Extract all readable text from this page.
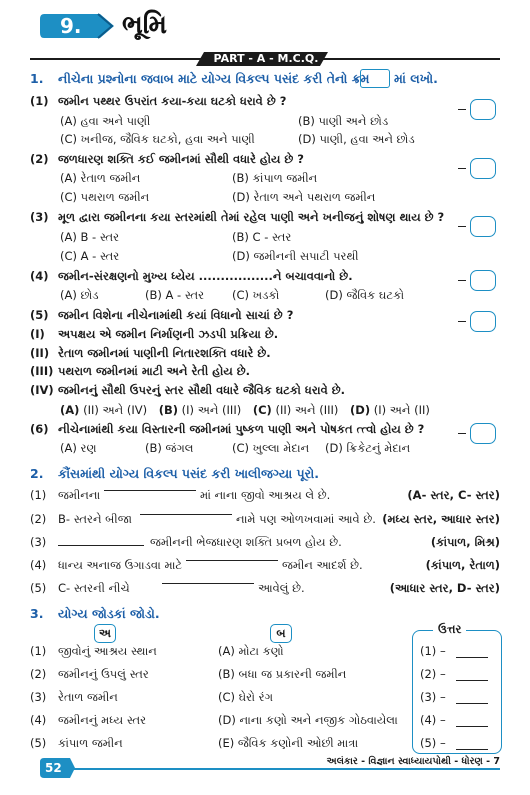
9. ભૂમિ
PART - A - M.C.Q.
1. નીચેના પ્રશ્નોના જવાબ માટે યોગ્ય વિકલ્પ પસંદ કરી તેનો ક્રમ માં લખો.
(1) જમીન પથ્થર ઉપરાંત કયા-કયા ઘટકો ધરાવે છે ?
(A) હવા અને પાણી	(B) પાણી અને છોડ
(C) ખનીજ, જૈવિક ઘટકો, હવા અને પાણી	(D) પાણી, હવા અને છોડ
(2) જળધારણ શક્તિ કઈ જમીનમાં સૌથી વધારે હોય છે ?
(A) રેતાળ જમીન	(B) કાંપાળ જમીન
(C) પથરાળ જમીન	(D) રેતાળ અને પથરાળ જમીન
(3) મૂળ દ્વારા જમીનના કયા સ્તરમાંથી તેમાં રહેલ પાણી અને ખનીજનું શોષણ થાય છે ?
(A) B - સ્તર	(B) C - સ્તર
(C) A - સ્તર	(D) જમીનની સપાટી પરથી
(4) જમીન-સંરક્ષણનો મુખ્ય ધ્યેય .................ને બચાવવાનો છે.
(A) છોડ	(B) A - સ્તર (C) ખડકો	(D) જૈવિક ઘટકો
(5) જમીન વિશેના નીચેનામાંથી કયાં વિધાનો સાચાં છે ?
(I) અપક્ષય એ જમીન નિર્માણની ઝડપી પ્રક્રિયા છે.
(II) રેતાળ જમીનમાં પાણીની નિતારશક્તિ વધારે છે.
(III) પથરાળ જમીનમાં માટી અને રેતી હોય છે.
(IV) જમીનનું સૌથી ઉપરનું સ્તર સૌથી વધારે જૈવિક ઘટકો ધરાવે છે.
(A) (II) અને (IV) (B) (I) અને (III) (C) (II) અને (III) (D) (I) અને (II)
(6) નીચેનામાંથી કયા વિસ્તારની જમીનમાં પુષ્કળ પાણી અને પોષકત ત્ત્વો હોય છે ?
(A) રણ	(B) જંગલ	(C) ખુલ્લા મેદાન (D) ક્રિકેટનું મેદાન
2. કૌંસમાંથી યોગ્ય વિકલ્પ પસંદ કરી ખાલીજગ્યા પૂરો.
(1) જમીનના	માં નાના જીવો આશ્રય લે છે.	(A- સ્તર, C- સ્તર)
(2) B- સ્તરને બીજા	નામે પણ ઓળખવામાં આવે છે. (મધ્ય સ્તર, આધાર સ્તર)
(3)	જમીનની ભેજધારણ શક્તિ પ્રબળ હોય છે.	(કાંપાળ, મિશ્ર)
(4) ધાન્ય અનાજ ઉગાડવા માટે	જમીન આદર્શ છે.	(કાંપાળ, રેતાળ)
(5) C- સ્તરની નીચે	આવેલું છે.	(આધાર સ્તર, D- સ્તર)
3. યોગ્ય જોડકાં જોડો.
અ	બ	ઉત્તર
(1) જીવોનું આશ્રય સ્થાન	(A) મોટા કણો	(1) –
(2) જમીનનું ઉપલું સ્તર	(B) બધા જ પ્રકારની જમીન	(2) –
(3) રેતાળ જમીન	(C) ઘેરો રંગ	(3) –
(4) જમીનનું મધ્ય સ્તર	(D) નાના કણો અને નજીક ગોઠવાયેલા (4) –
(5) કાંપાળ જમીન	(E) જૈવિક કણોની ઓછી માત્રા	(5) –
52	અલંકાર - વિજ્ઞાન સ્વાધ્યાયપોથી - ધોરણ - 7
